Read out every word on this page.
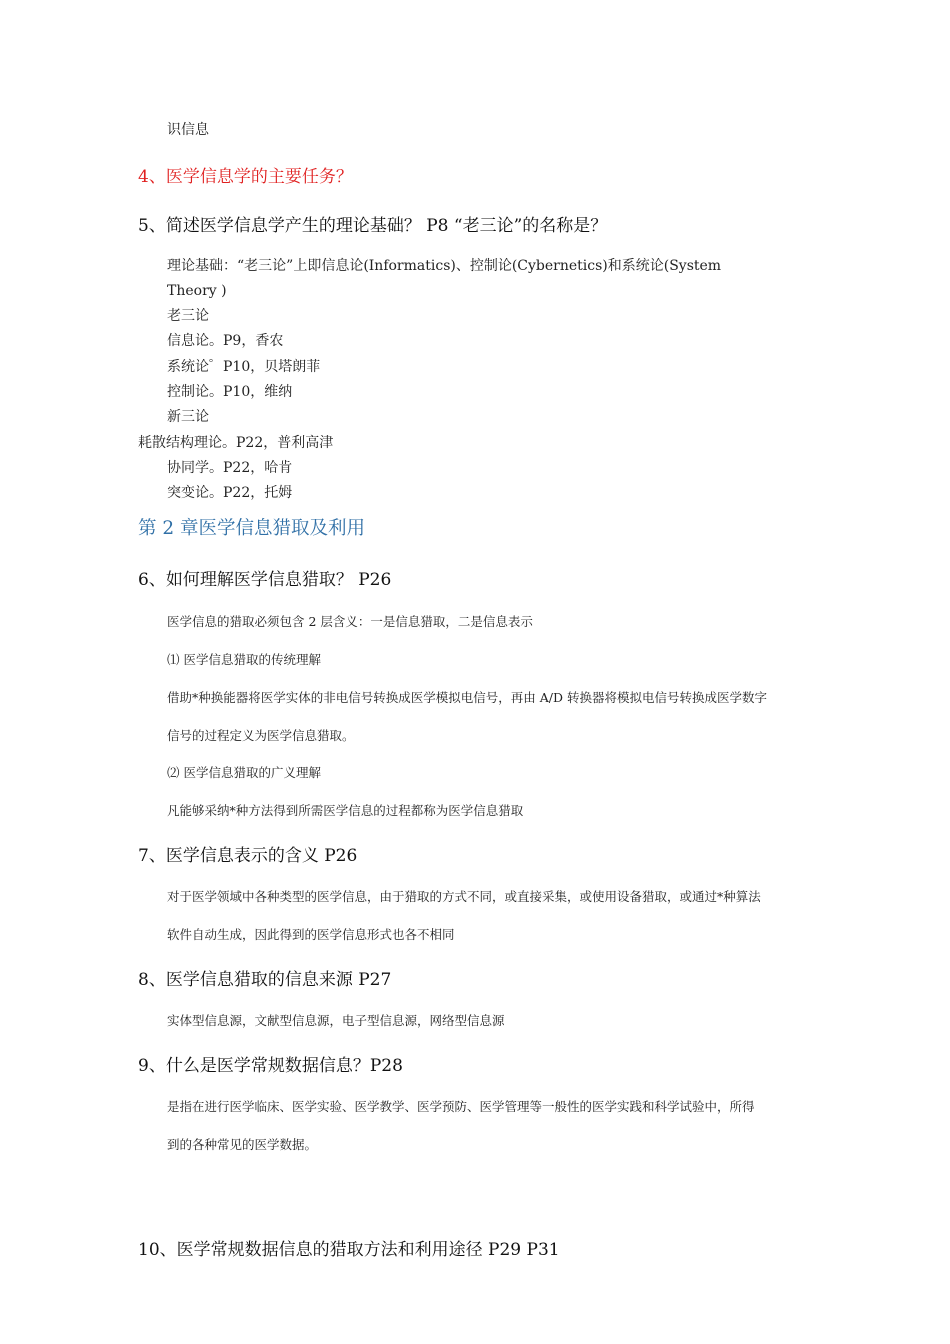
识信息
4、医学信息学的主要任务？
5、简述医学信息学产生的理论基础？ P8 “老三论”的名称是？
理论基础：“老三论”上即信息论(Informatics)、控制论(Cybernetics)和系统论(System
Theory )
老三论
信息论。P9，香农
系统论゜P10，贝塔朗菲
控制论。P10，维纳
新三论
耗散结构理论。P22，普利高津
协同学。P22，哈肯
突变论。P22，托姆
第 2 章医学信息猎取及利用
6、如何理解医学信息猎取？ P26
医学信息的猎取必须包含 2 层含义：一是信息猎取，二是信息表示
⑴ 医学信息猎取的传统理解
借助*种换能器将医学实体的非电信号转换成医学模拟电信号，再由 A/D 转换器将模拟电信号转换成医学数字
信号的过程定义为医学信息猎取。
⑵ 医学信息猎取的广义理解
凡能够采纳*种方法得到所需医学信息的过程都称为医学信息猎取
7、医学信息表示的含义 P26
对于医学领域中各种类型的医学信息，由于猎取的方式不同，或直接采集，或使用设备猎取，或通过*种算法
软件自动生成，因此得到的医学信息形式也各不相同
8、医学信息猎取的信息来源 P27
实体型信息源，文献型信息源，电子型信息源，网络型信息源
9、什么是医学常规数据信息？P28
是指在进行医学临床、医学实验、医学教学、医学预防、医学管理等一般性的医学实践和科学试验中，所得
到的各种常见的医学数据。
10、医学常规数据信息的猎取方法和利用途径 P29 P31
